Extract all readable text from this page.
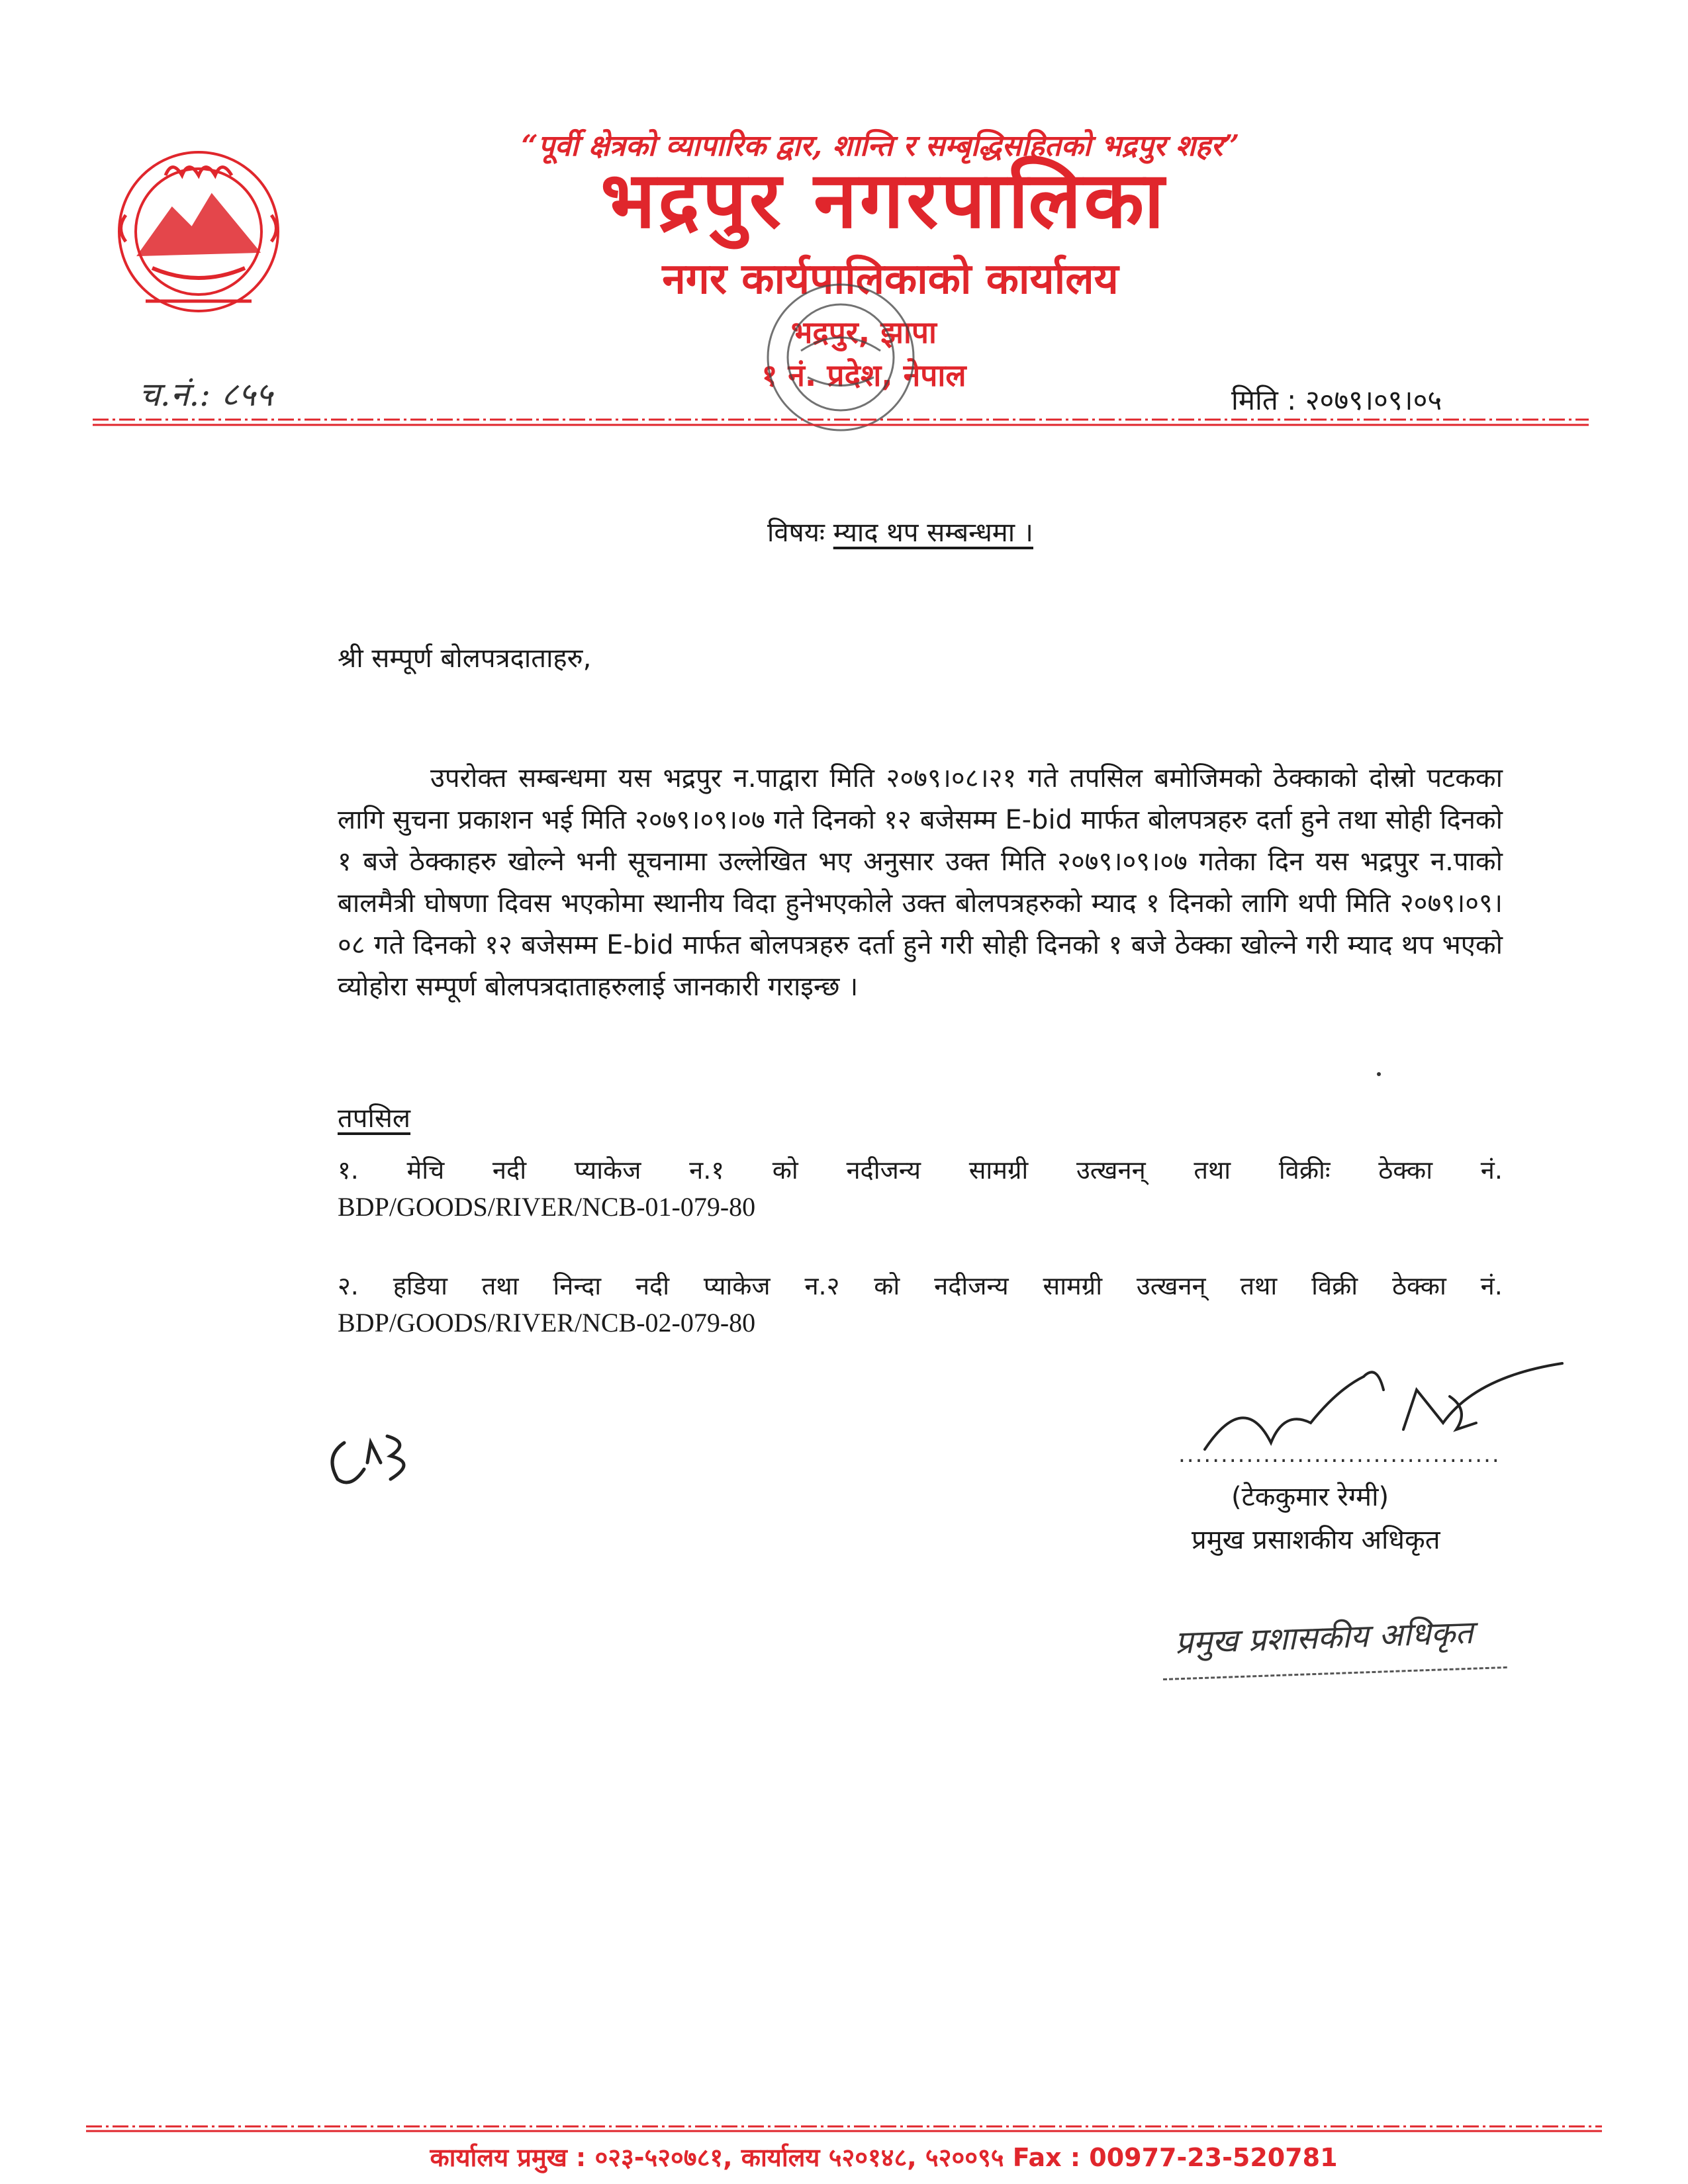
“पूर्वी क्षेत्रको व्यापारिक द्वार, शान्ति र सम्बृद्धिसहितको भद्रपुर शहर”
भद्रपुर नगरपालिका
नगर कार्यपालिकाको कार्यालय
भद्रपुर, झापा
१ नं. प्रदेश, नेपाल
च.नं.: ८५५	मिति : २०७९।०९।०५
विषयः म्याद थप सम्बन्धमा ।
श्री सम्पूर्ण बोलपत्रदाताहरु,
उपरोक्त सम्बन्धमा यस भद्रपुर न.पाद्वारा मिति २०७९।०८।२१ गते तपसिल बमोजिमको ठेक्काको दोस्रो पटकका लागि सुचना प्रकाशन भई मिति २०७९।०९।०७ गते दिनको १२ बजेसम्म E-bid मार्फत बोलपत्रहरु दर्ता हुने तथा सोही दिनको १ बजे ठेक्काहरु खोल्ने भनी सूचनामा उल्लेखित भए अनुसार उक्त मिति २०७९।०९।०७ गतेका दिन यस भद्रपुर न.पाको बालमैत्री घोषणा दिवस भएकोमा स्थानीय विदा हुनेभएकोले उक्त बोलपत्रहरुको म्याद १ दिनको लागि थपी मिति २०७९।०९।०८ गते दिनको १२ बजेसम्म E-bid मार्फत बोलपत्रहरु दर्ता हुने गरी सोही दिनको १ बजे ठेक्का खोल्ने गरी म्याद थप भएको व्योहोरा सम्पूर्ण बोलपत्रदाताहरुलाई जानकारी गराइन्छ ।
तपसिल
१. मेचि नदी प्याकेज न.१ को नदीजन्य सामग्री उत्खनन् तथा विक्रीः ठेक्का नं.
BDP/GOODS/RIVER/NCB-01-079-80
२. हडिया तथा निन्दा नदी प्याकेज न.२ को नदीजन्य सामग्री उत्खनन् तथा विक्री ठेक्का नं.
BDP/GOODS/RIVER/NCB-02-079-80
......................................
(टेककुमार रेग्मी)
प्रमुख प्रसाशकीय अधिकृत
प्रमुख प्रशासकीय अधिकृत
कार्यालय प्रमुख : ०२३-५२०७८१, कार्यालय ५२०१४८, ५२००९५ Fax : 00977-23-520781
